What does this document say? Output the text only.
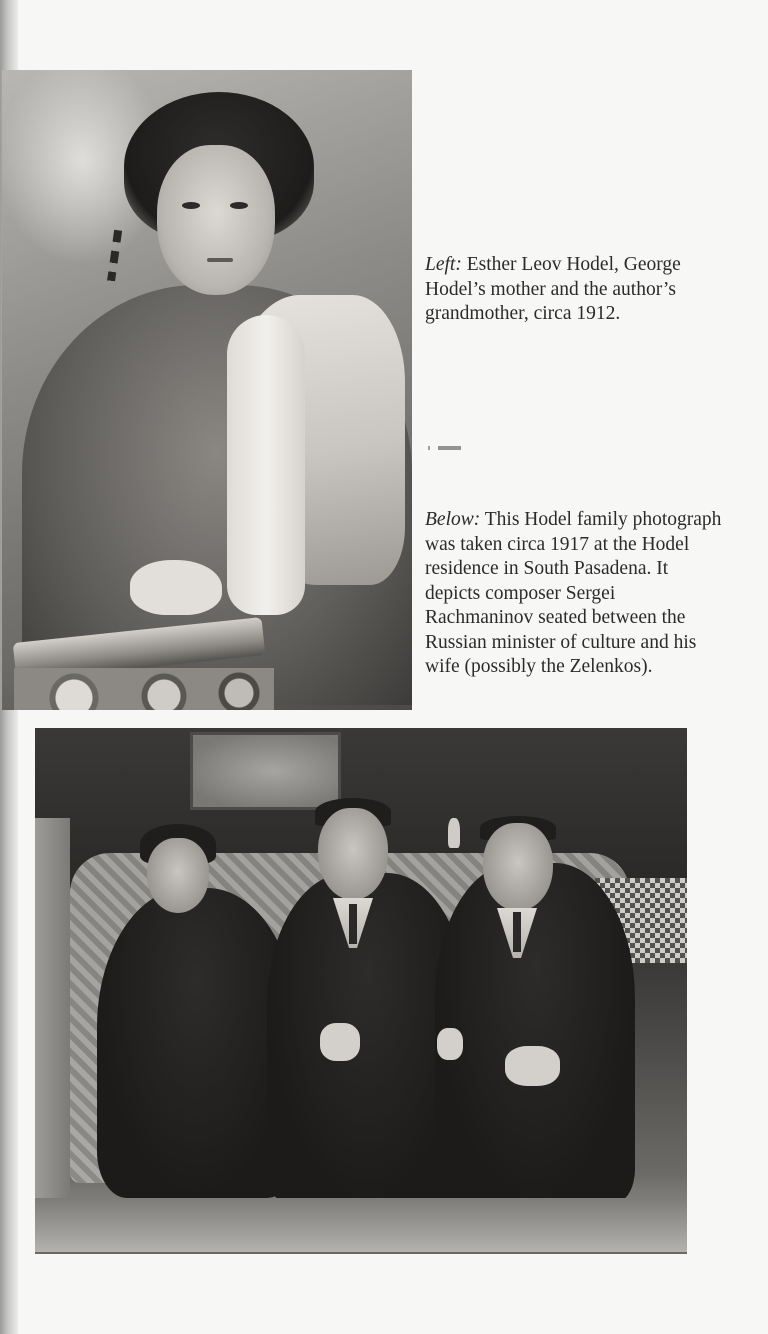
Left: Esther Leov Hodel, George Hodel’s mother and the author’s grandmother, circa 1912.

Below: This Hodel family photograph was taken circa 1917 at the Hodel residence in South Pasadena. It depicts composer Sergei Rachmaninov seated between the Russian minister of culture and his wife (possibly the Zelenkos).
